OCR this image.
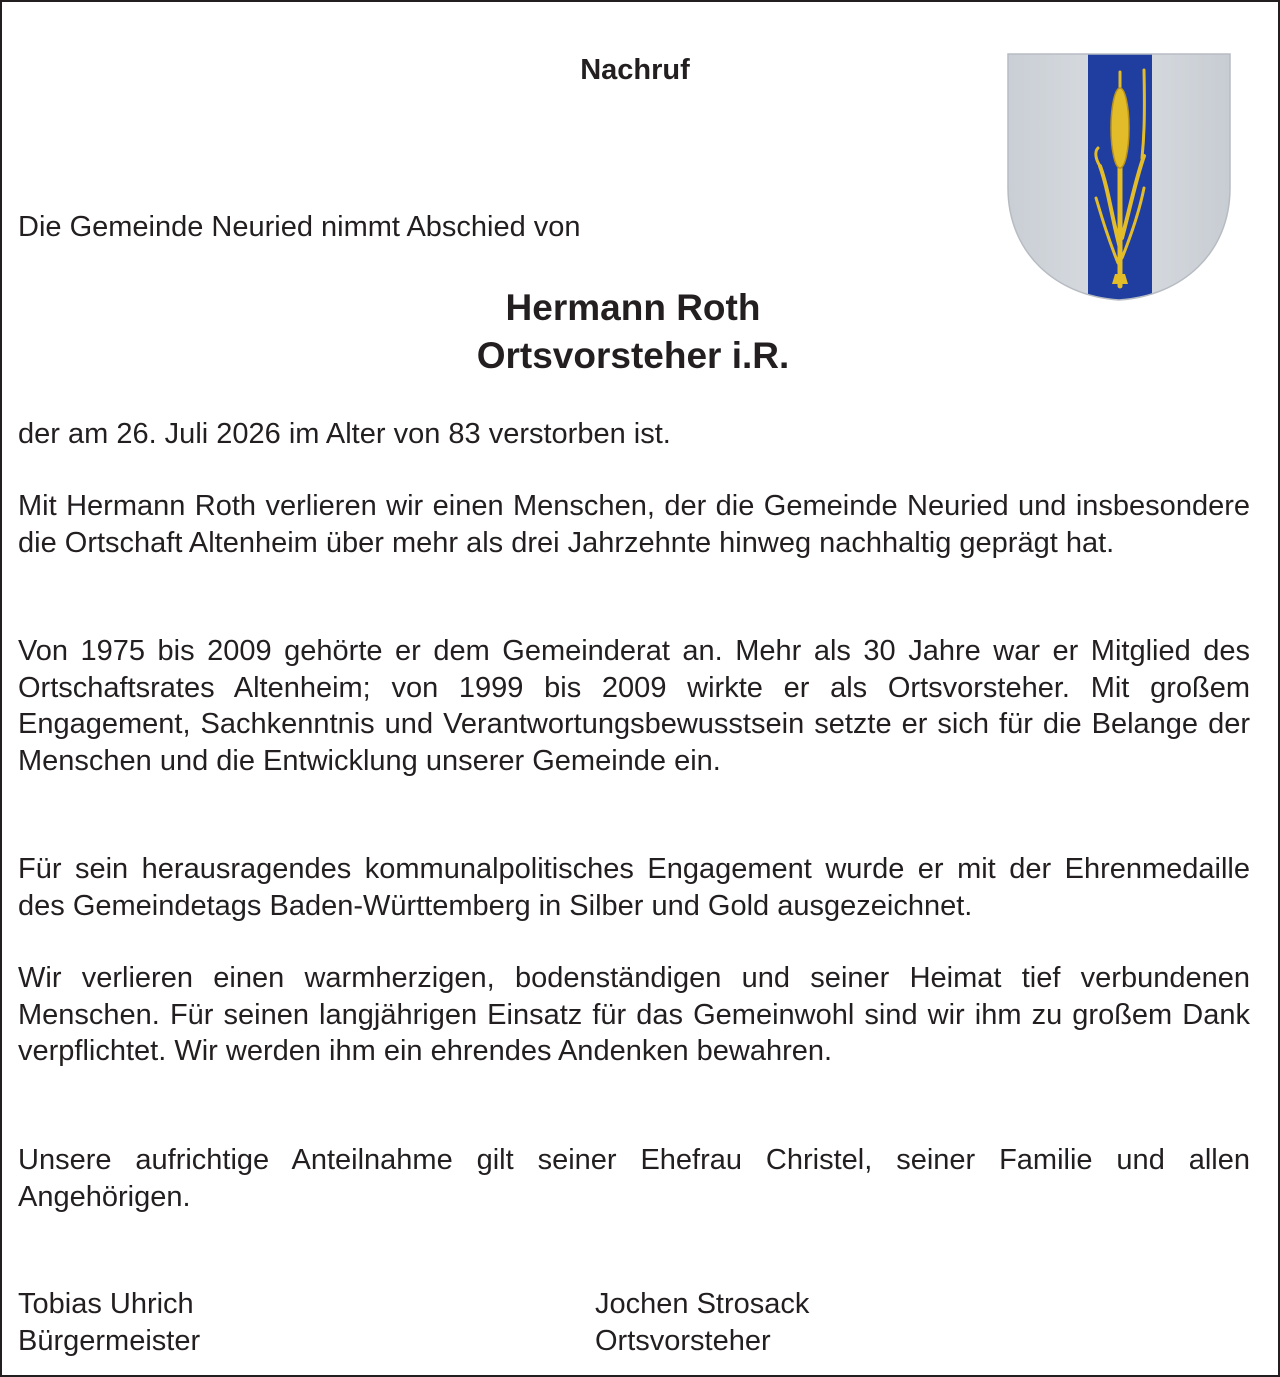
Nachruf
Die Gemeinde Neuried nimmt Abschied von
Hermann Roth
Ortsvorsteher i.R.

der am 26. Juli 2026 im Alter von 83 verstorben ist.

Mit Hermann Roth verlieren wir einen Menschen, der die Gemeinde Neuried und insbesondere die Ortschaft Altenheim über mehr als drei Jahrzehnte hinweg nachhaltig geprägt hat.

Von 1975 bis 2009 gehörte er dem Gemeinderat an. Mehr als 30 Jahre war er Mitglied des Ortschaftsrates Altenheim; von 1999 bis 2009 wirkte er als Ortsvorsteher. Mit großem Engagement, Sachkenntnis und Verantwortungsbewusstsein setzte er sich für die Belange der Menschen und die Entwicklung unserer Gemeinde ein.

Für sein herausragendes kommunalpolitisches Engagement wurde er mit der Ehrenmedaille des Gemeindetags Baden-Württemberg in Silber und Gold ausgezeichnet.

Wir verlieren einen warmherzigen, bodenständigen und seiner Heimat tief verbundenen Menschen. Für seinen langjährigen Einsatz für das Gemeinwohl sind wir ihm zu großem Dank verpflichtet. Wir werden ihm ein ehrendes Andenken bewahren.

Unsere aufrichtige Anteilnahme gilt seiner Ehefrau Christel, seiner Familie und allen Angehörigen.

Tobias Uhrich
Bürgermeister
Jochen Strosack
Ortsvorsteher
